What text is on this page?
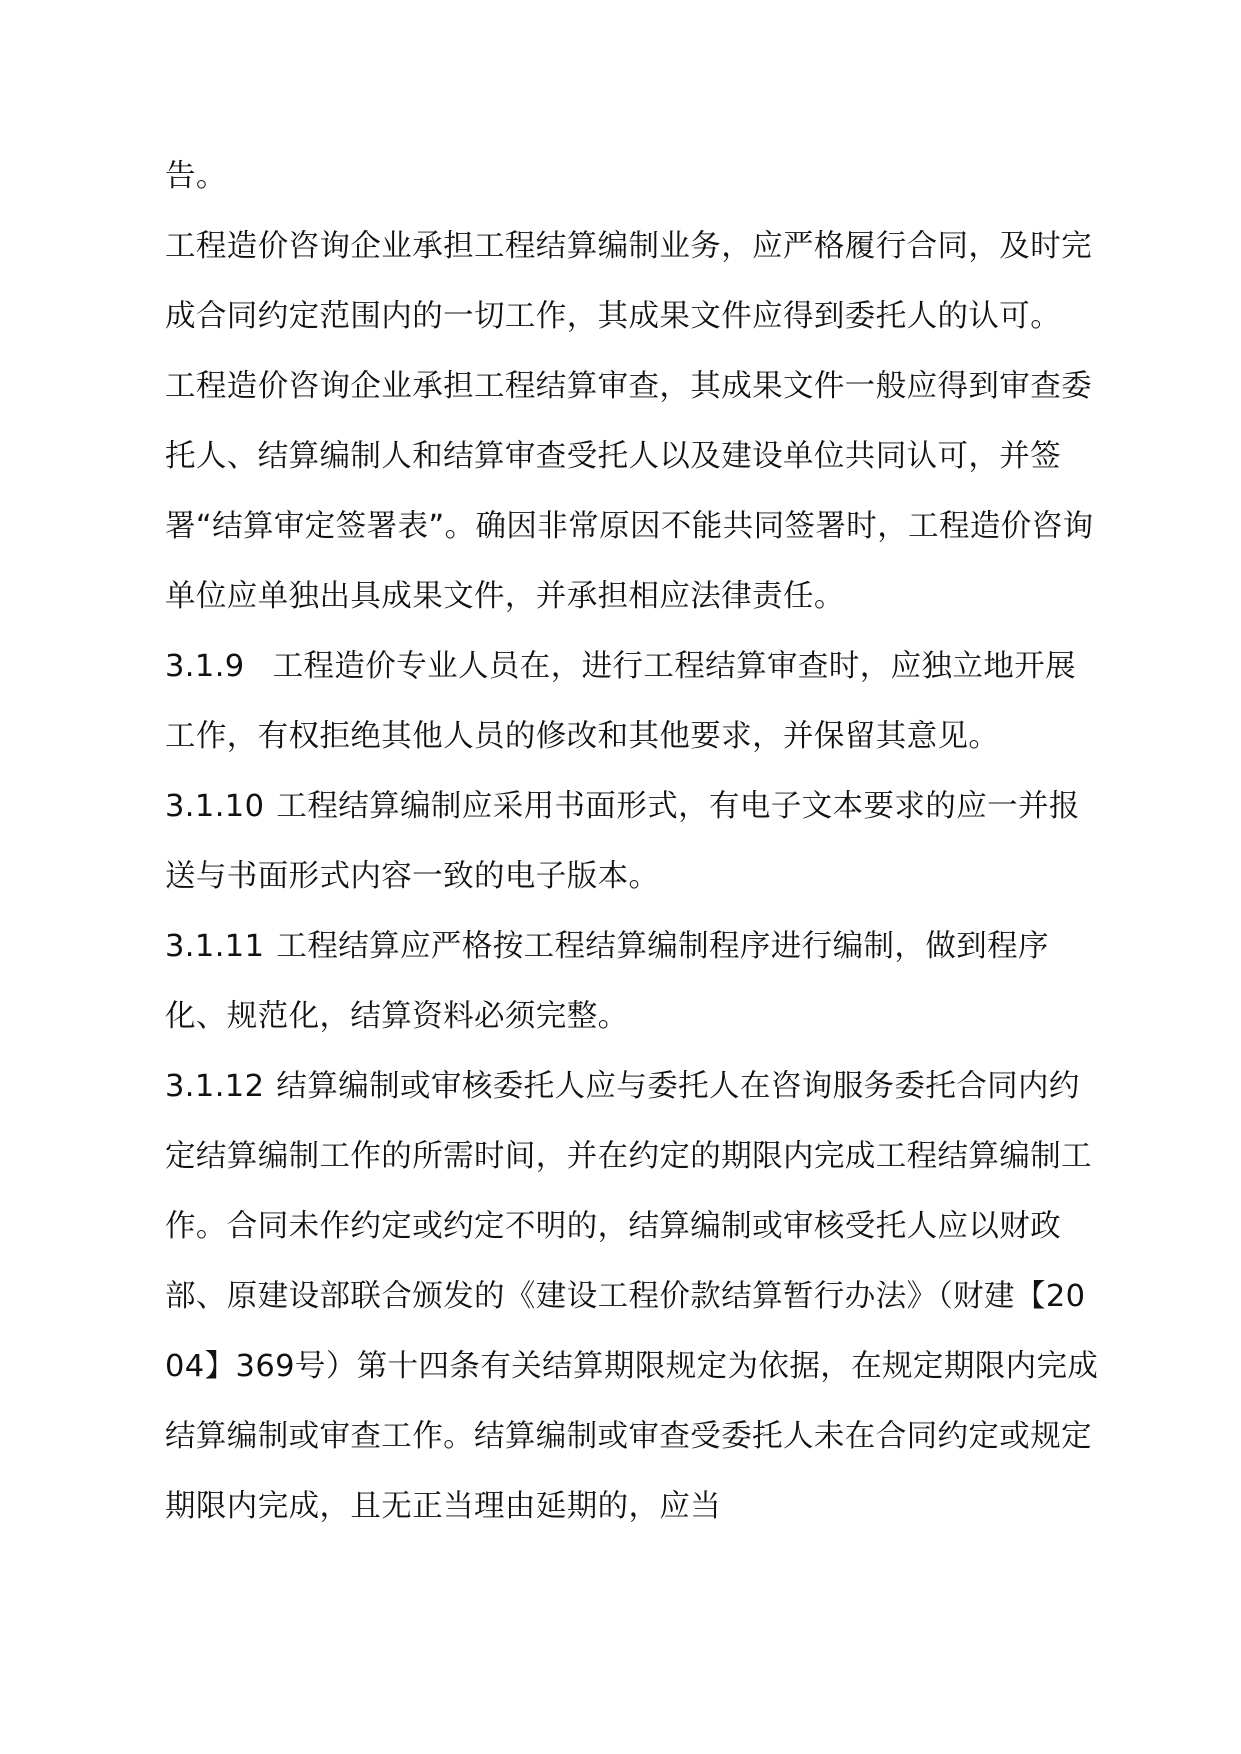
告。

工程造价咨询企业承担工程结算编制业务，应严格履行合同，及时完成合同约定范围内的一切工作，其成果文件应得到委托人的认可。

工程造价咨询企业承担工程结算审查，其成果文件一般应得到审查委托人、结算编制人和结算审查受托人以及建设单位共同认可，并签署“结算审定签署表”。确因非常原因不能共同签署时，工程造价咨询单位应单独出具成果文件，并承担相应法律责任。

3.1.9 工程造价专业人员在，进行工程结算审查时，应独立地开展工作，有权拒绝其他人员的修改和其他要求，并保留其意见。

3.1.10 工程结算编制应采用书面形式，有电子文本要求的应一并报送与书面形式内容一致的电子版本。

3.1.11 工程结算应严格按工程结算编制程序进行编制，做到程序化、规范化，结算资料必须完整。

3.1.12 结算编制或审核委托人应与委托人在咨询服务委托合同内约定结算编制工作的所需时间，并在约定的期限内完成工程结算编制工作。合同未作约定或约定不明的，结算编制或审核受托人应以财政部、原建设部联合颁发的《建设工程价款结算暂行办法》（财建【2004】369号）第十四条有关结算期限规定为依据，在规定期限内完成结算编制或审查工作。结算编制或审查受委托人未在合同约定或规定期限内完成，且无正当理由延期的，应当
